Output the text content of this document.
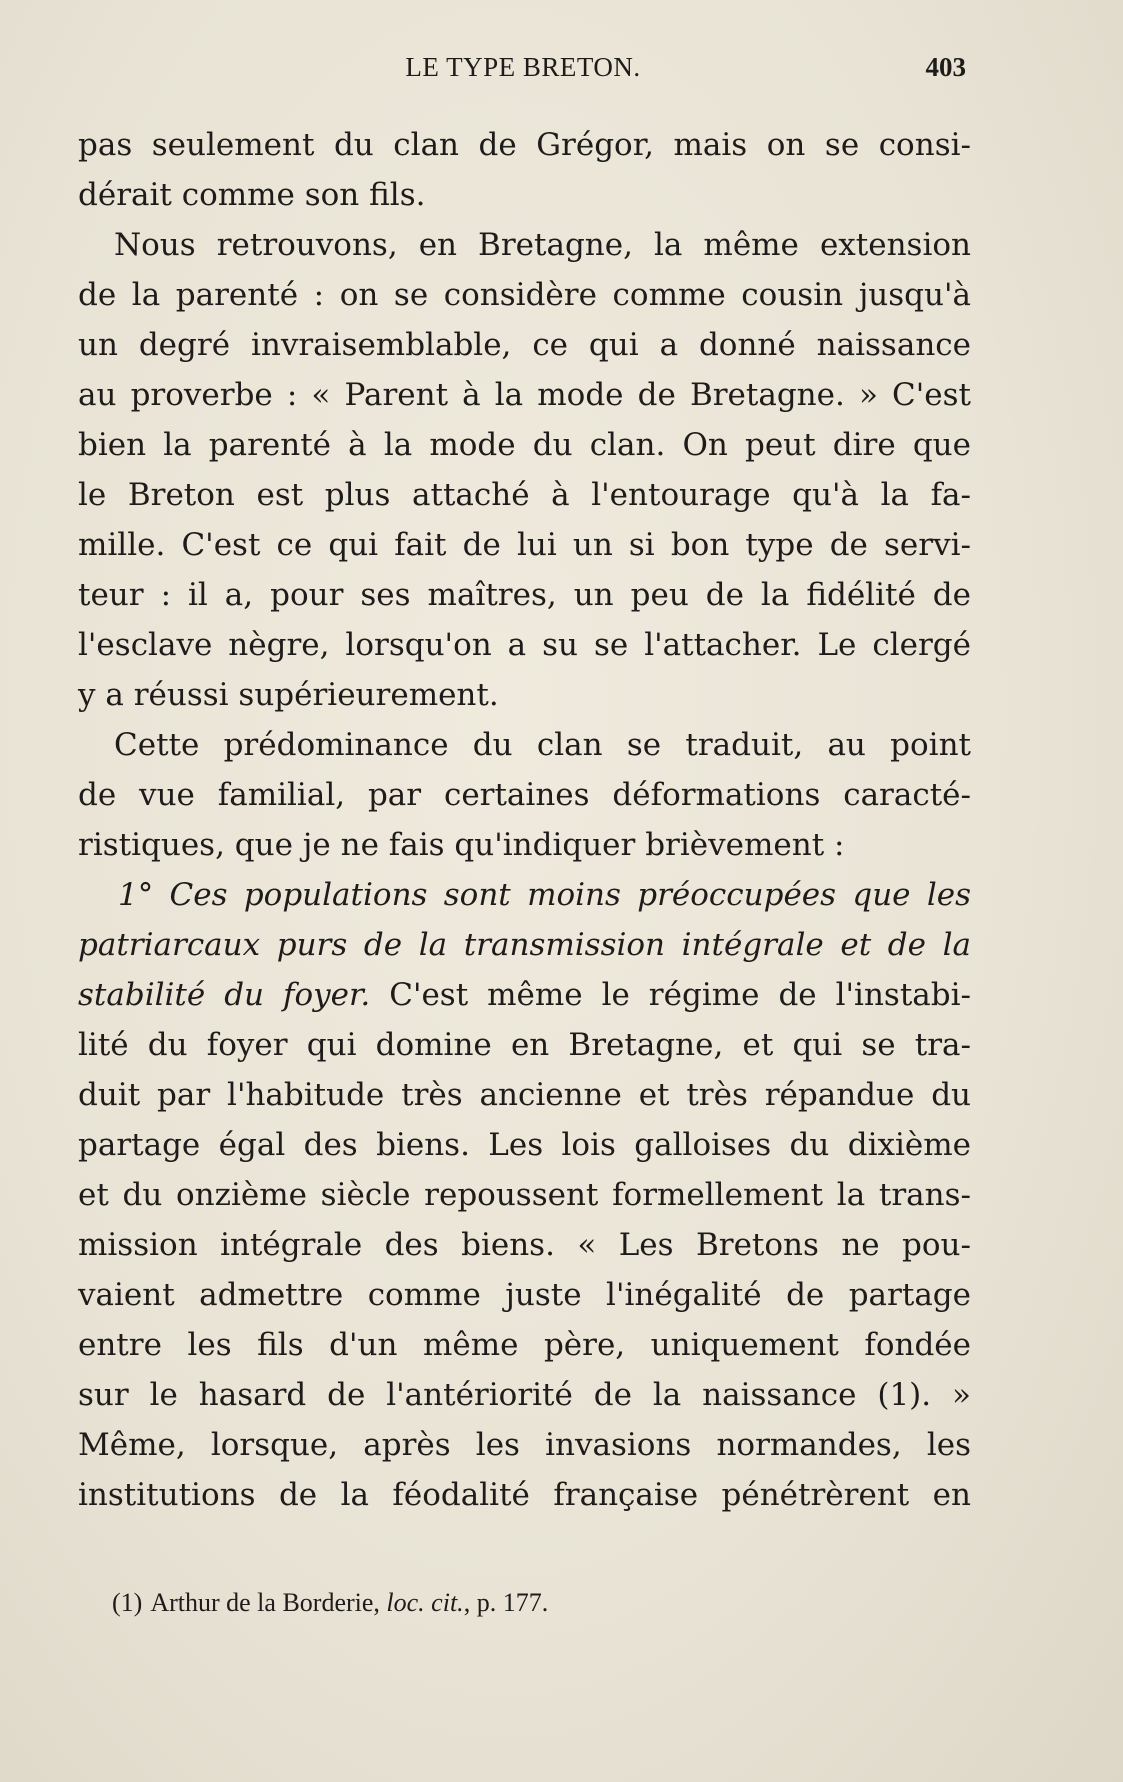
LE TYPE BRETON.	403
pas seulement du clan de Grégor, mais on se consi-
dérait comme son fils.
Nous retrouvons, en Bretagne, la même extension
de la parenté : on se considère comme cousin jusqu'à
un degré invraisemblable, ce qui a donné naissance
au proverbe : « Parent à la mode de Bretagne. » C'est
bien la parenté à la mode du clan. On peut dire que
le Breton est plus attaché à l'entourage qu'à la fa-
mille. C'est ce qui fait de lui un si bon type de servi-
teur : il a, pour ses maîtres, un peu de la fidélité de
l'esclave nègre, lorsqu'on a su se l'attacher. Le clergé
y a réussi supérieurement.
Cette prédominance du clan se traduit, au point
de vue familial, par certaines déformations caracté-
ristiques, que je ne fais qu'indiquer brièvement :
1° Ces populations sont moins préoccupées que les
patriarcaux purs de la transmission intégrale et de la
stabilité du foyer. C'est même le régime de l'instabi-
lité du foyer qui domine en Bretagne, et qui se tra-
duit par l'habitude très ancienne et très répandue du
partage égal des biens. Les lois galloises du dixième
et du onzième siècle repoussent formellement la trans-
mission intégrale des biens. « Les Bretons ne pou-
vaient admettre comme juste l'inégalité de partage
entre les fils d'un même père, uniquement fondée
sur le hasard de l'antériorité de la naissance (1). »
Même, lorsque, après les invasions normandes, les
institutions de la féodalité française pénétrèrent en
(1) Arthur de la Borderie, loc. cit., p. 177.
